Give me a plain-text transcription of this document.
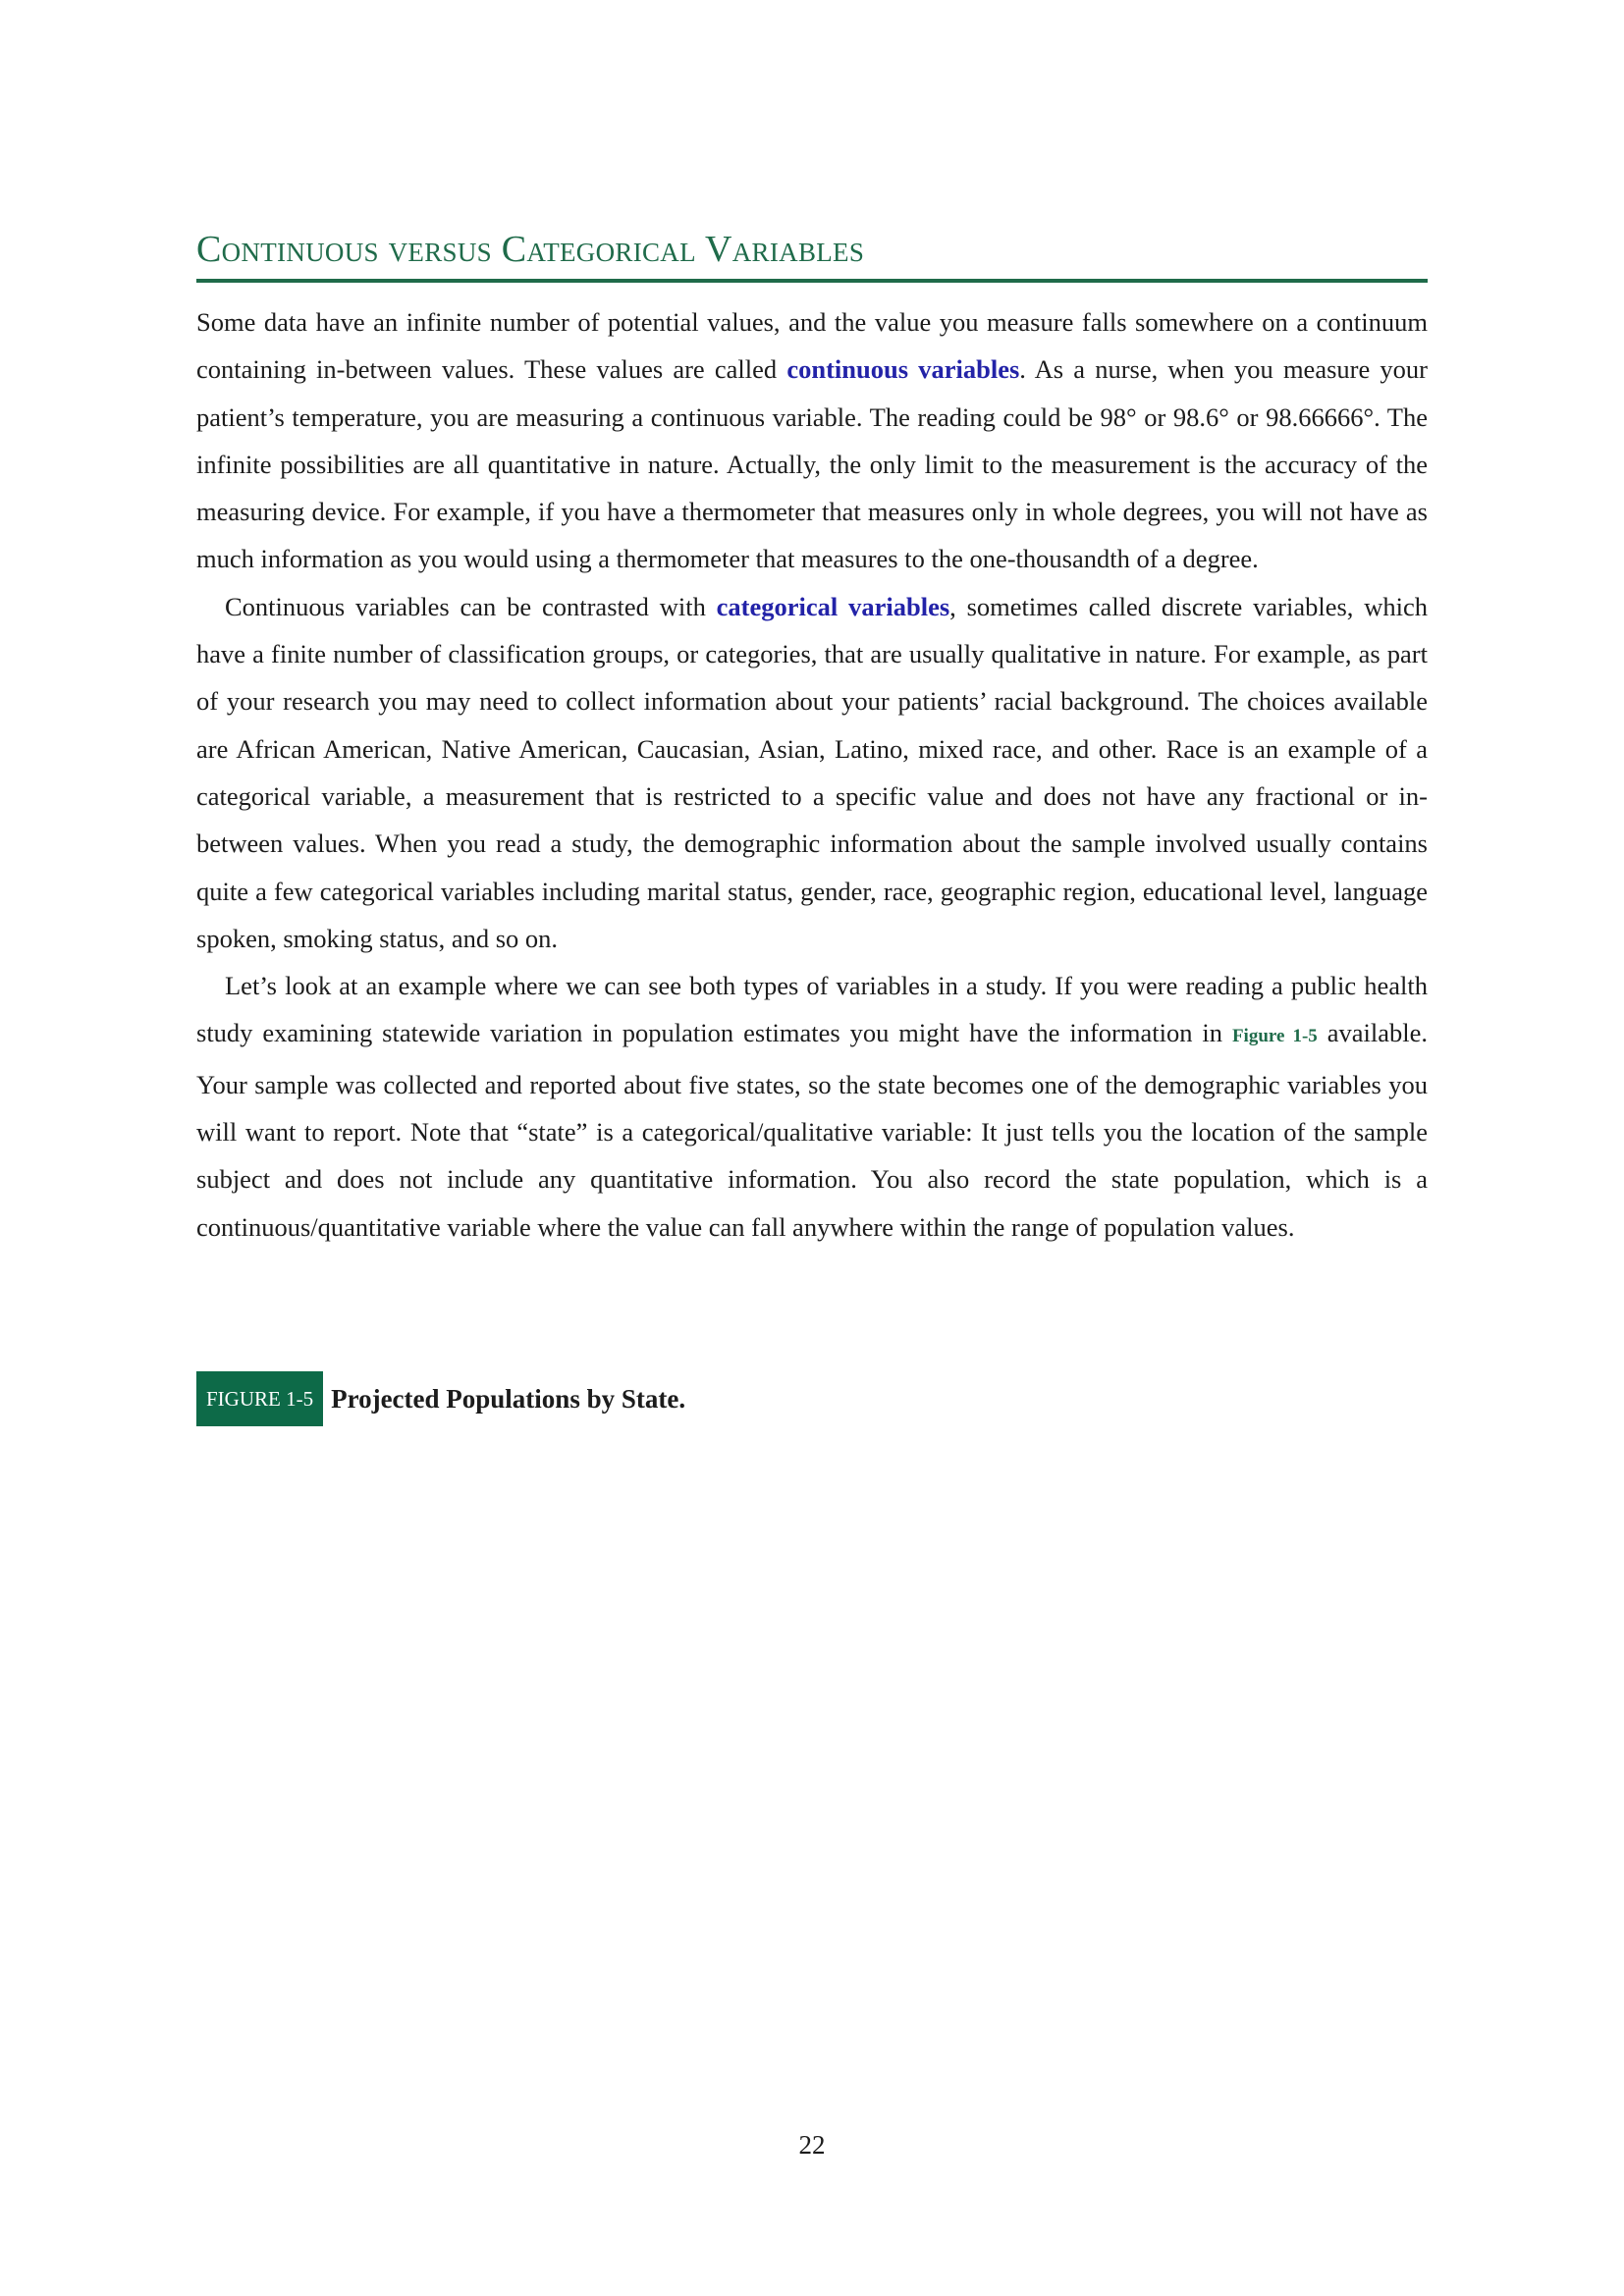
Continuous versus Categorical Variables

Some data have an infinite number of potential values, and the value you measure falls somewhere on a continuum containing in-between values. These values are called continuous variables. As a nurse, when you measure your patient’s temperature, you are measuring a continuous variable. The reading could be 98° or 98.6° or 98.66666°. The infinite possibilities are all quantitative in nature. Actually, the only limit to the measurement is the accuracy of the measuring device. For example, if you have a thermometer that measures only in whole degrees, you will not have as much information as you would using a thermometer that measures to the one-thousandth of a degree.

Continuous variables can be contrasted with categorical variables, sometimes called discrete variables, which have a finite number of classification groups, or categories, that are usually qualitative in nature. For example, as part of your research you may need to collect information about your patients’ racial background. The choices available are African American, Native American, Caucasian, Asian, Latino, mixed race, and other. Race is an example of a categorical variable, a measurement that is restricted to a specific value and does not have any fractional or in-between values. When you read a study, the demographic information about the sample involved usually contains quite a few categorical variables including marital status, gender, race, geographic region, educational level, language spoken, smoking status, and so on.

Let’s look at an example where we can see both types of variables in a study. If you were reading a public health study examining statewide variation in population estimates you might have the information in Figure 1-5 available. Your sample was collected and reported about five states, so the state becomes one of the demographic variables you will want to report. Note that “state” is a categorical/qualitative variable: It just tells you the location of the sample subject and does not include any quantitative information. You also record the state population, which is a continuous/quantitative variable where the value can fall anywhere within the range of population values.

FIGURE 1-5 Projected Populations by State.
22
